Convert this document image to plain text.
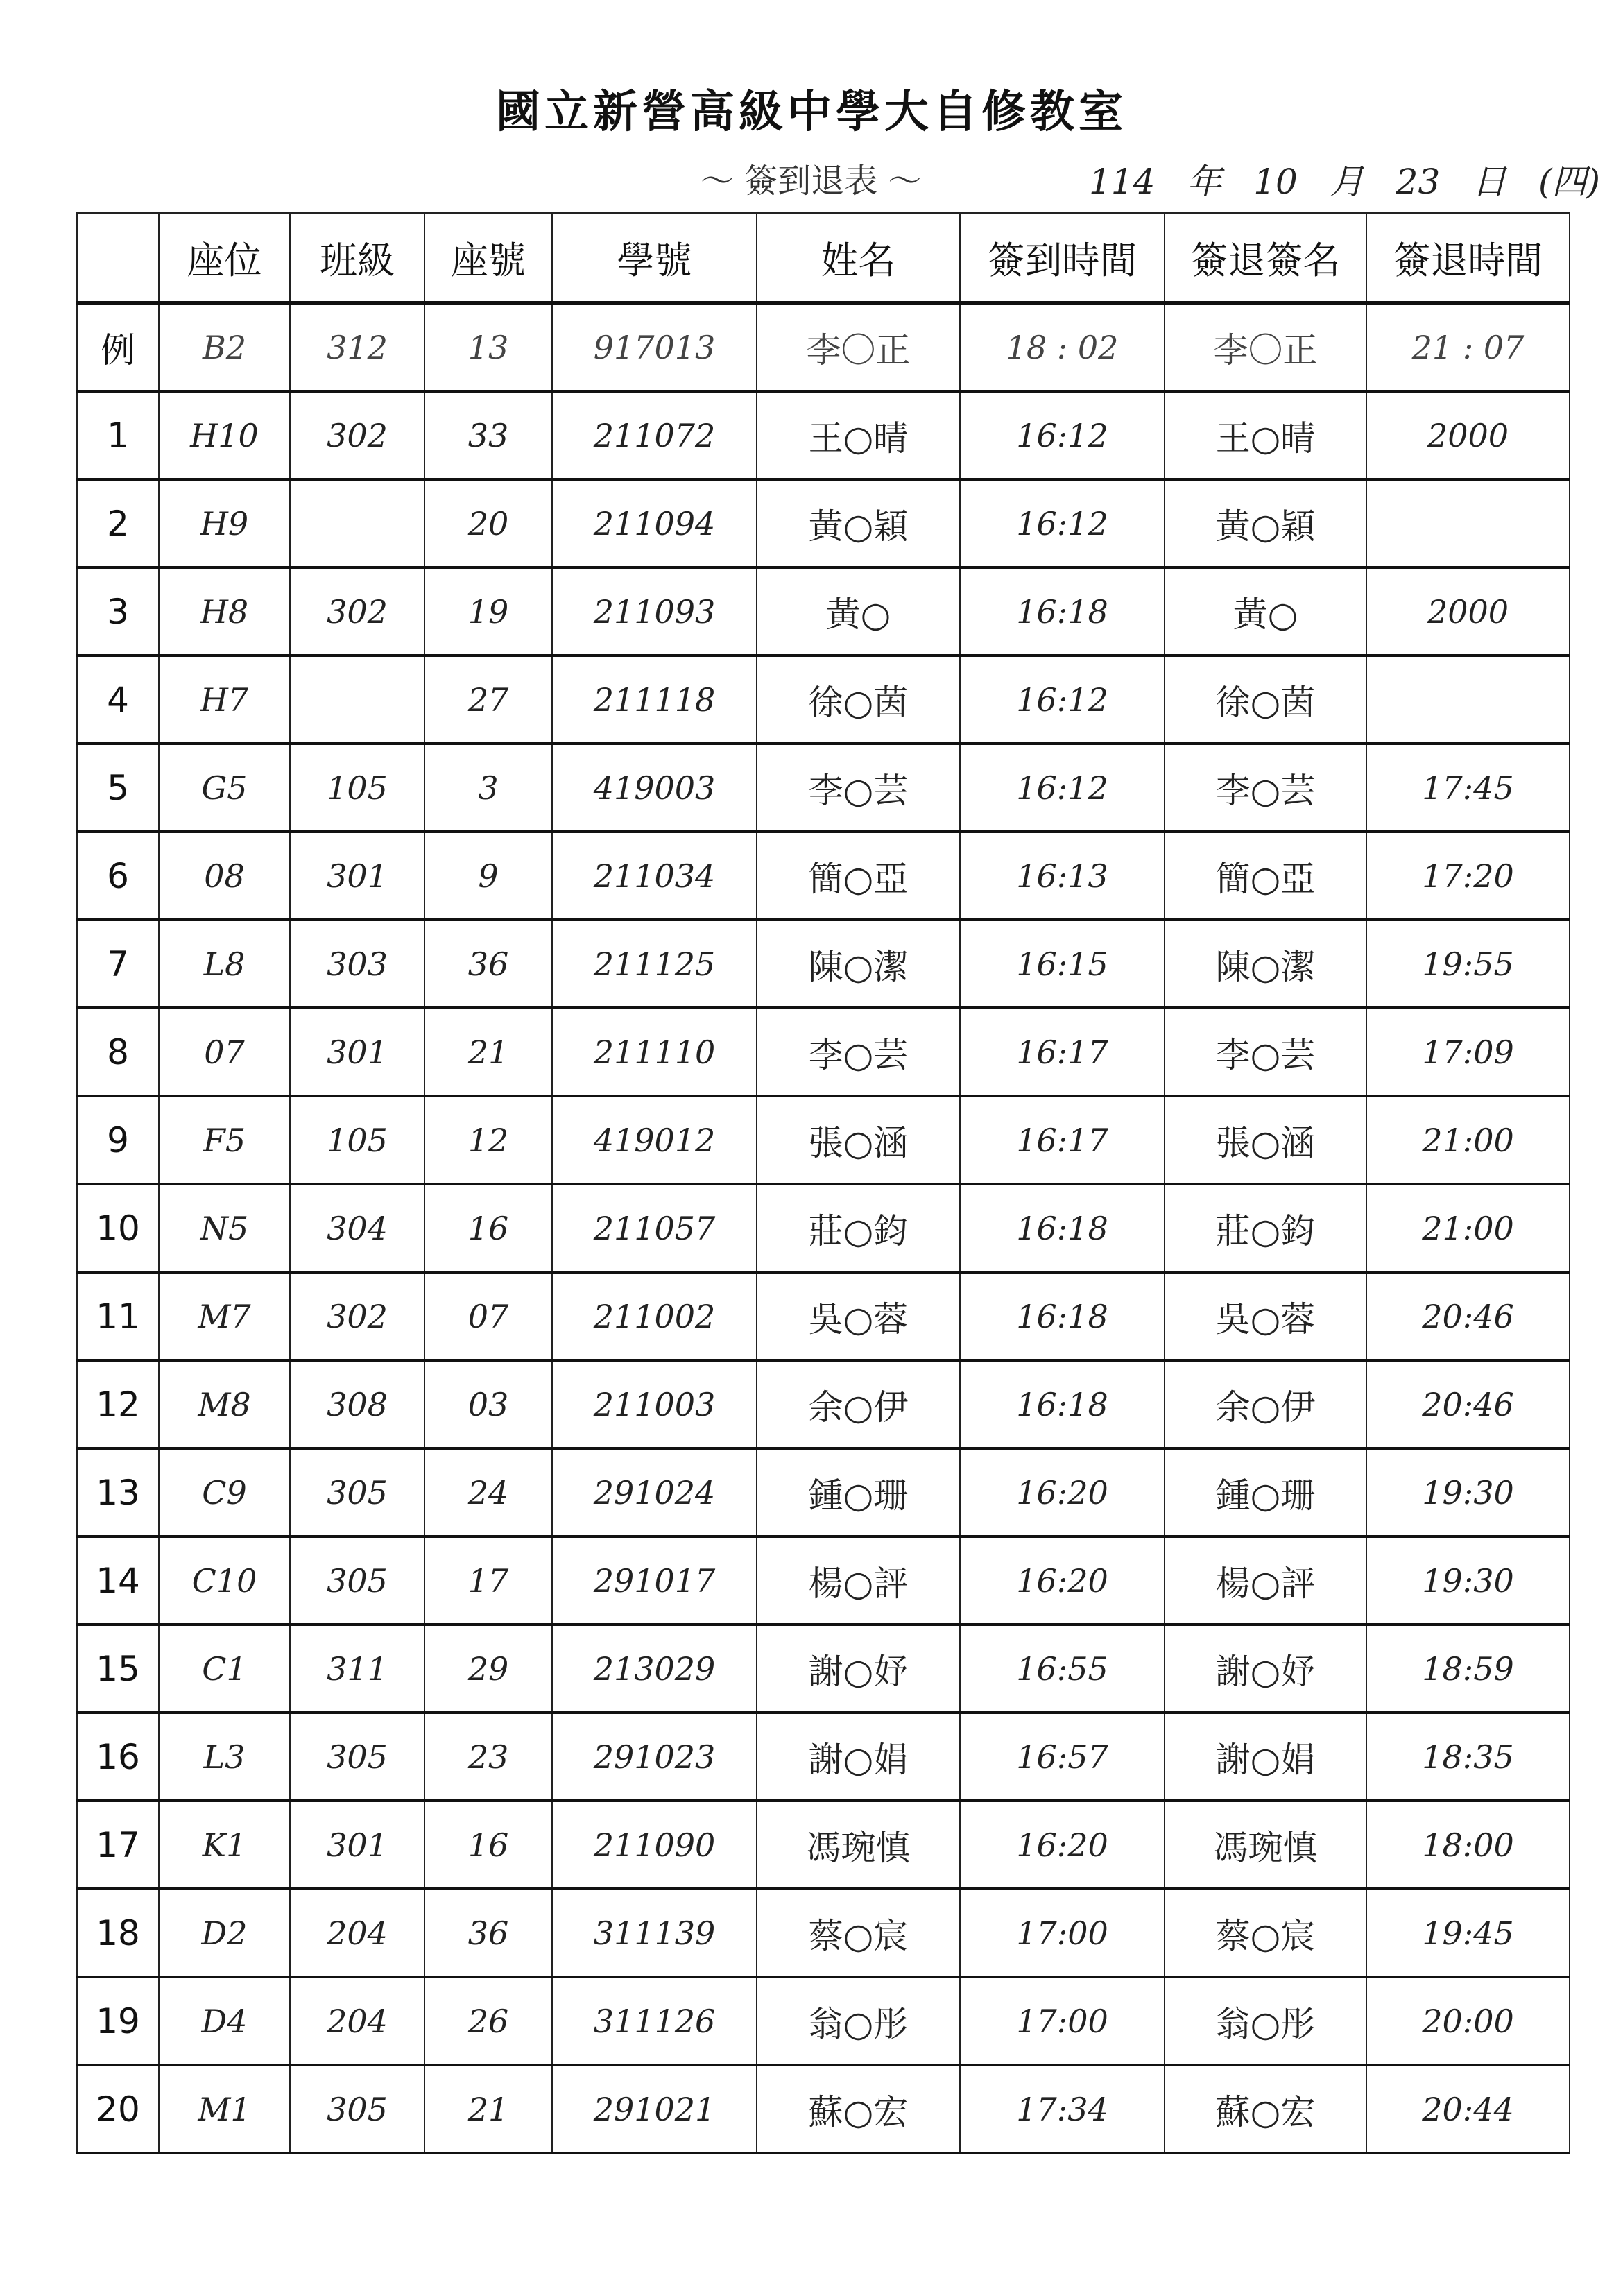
國立新營高級中學大自修教室
～ 簽到退表 ～	114 年 10 月 23 日 (四)
	座位	班級	座號	學號	姓名	簽到時間	簽退簽名	簽退時間
例	B2	312	13	917013	李〇正	18 : 02	李〇正	21 : 07
1	H10	302	33	211072	王○晴	16:12	王○晴	2000
2	H9		20	211094	黃○穎	16:12	黃○穎	
3	H8	302	19	211093	黃○	16:18	黃○	2000
4	H7		27	211118	徐○茵	16:12	徐○茵	
5	G5	105	3	419003	李○芸	16:12	李○芸	17:45
6	08	301	9	211034	簡○亞	16:13	簡○亞	17:20
7	L8	303	36	211125	陳○潔	16:15	陳○潔	19:55
8	07	301	21	211110	李○芸	16:17	李○芸	17:09
9	F5	105	12	419012	張○涵	16:17	張○涵	21:00
10	N5	304	16	211057	莊○鈞	16:18	莊○鈞	21:00
11	M7	302	07	211002	吳○蓉	16:18	吳○蓉	20:46
12	M8	308	03	211003	余○伊	16:18	余○伊	20:46
13	C9	305	24	291024	鍾○珊	16:20	鍾○珊	19:30
14	C10	305	17	291017	楊○評	16:20	楊○評	19:30
15	C1	311	29	213029	謝○妤	16:55	謝○妤	18:59
16	L3	305	23	291023	謝○娟	16:57	謝○娟	18:35
17	K1	301	16	211090	馮琬慎	16:20	馮琬慎	18:00
18	D2	204	36	311139	蔡○宸	17:00	蔡○宸	19:45
19	D4	204	26	311126	翁○彤	17:00	翁○彤	20:00
20	M1	305	21	291021	蘇○宏	17:34	蘇○宏	20:44
